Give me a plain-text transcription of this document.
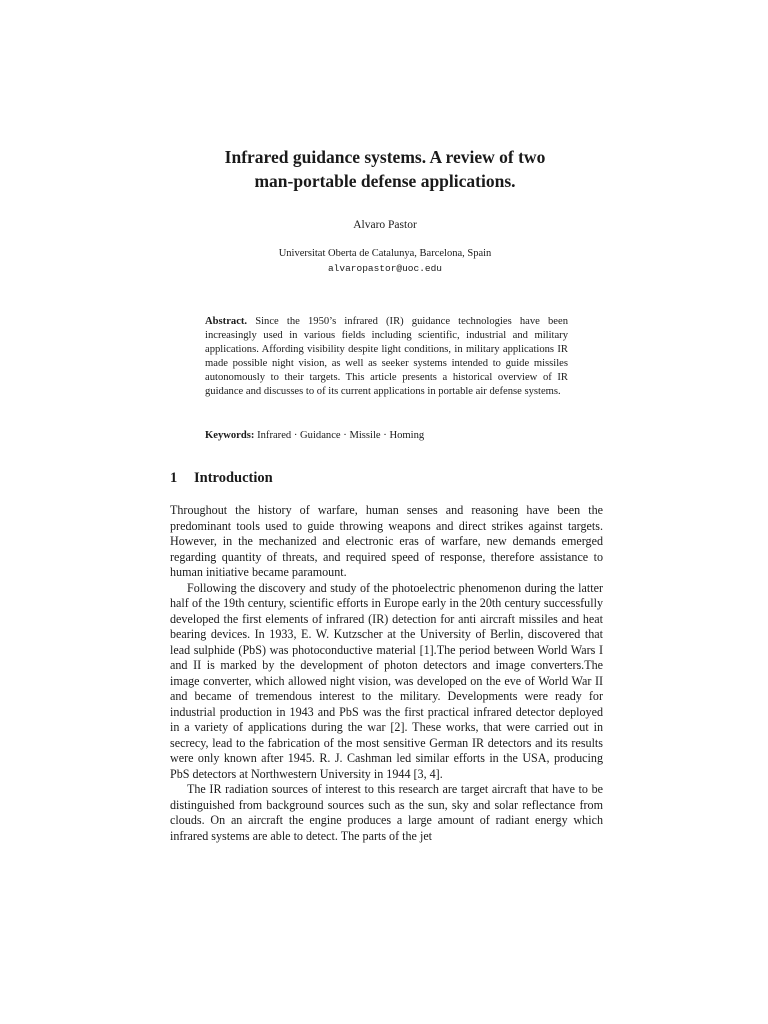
Infrared guidance systems. A review of two
man-portable defense applications.
Alvaro Pastor
Universitat Oberta de Catalunya, Barcelona, Spain
alvaropastor@uoc.edu
Abstract. Since the 1950’s infrared (IR) guidance technologies have been increasingly used in various fields including scientific, industrial and military applications. Affording visibility despite light conditions, in military applications IR made possible night vision, as well as seeker systems intended to guide missiles autonomously to their targets. This article presents a historical overview of IR guidance and discusses to of its current applications in portable air defense systems.
Keywords: Infrared · Guidance · Missile · Homing
1 Introduction

Throughout the history of warfare, human senses and reasoning have been the predominant tools used to guide throwing weapons and direct strikes against targets. However, in the mechanized and electronic eras of warfare, new demands emerged regarding quantity of threats, and required speed of response, therefore assistance to human initiative became paramount.

Following the discovery and study of the photoelectric phenomenon during the latter half of the 19th century, scientific efforts in Europe early in the 20th century successfully developed the first elements of infrared (IR) detection for anti aircraft missiles and heat bearing devices. In 1933, E. W. Kutzscher at the University of Berlin, discovered that lead sulphide (PbS) was photoconductive material [1].The period between World Wars I and II is marked by the development of photon detectors and image converters.The image converter, which allowed night vision, was developed on the eve of World War II and became of tremendous interest to the military. Developments were ready for industrial production in 1943 and PbS was the first practical infrared detector deployed in a variety of applications during the war [2]. These works, that were carried out in secrecy, lead to the fabrication of the most sensitive German IR detectors and its results were only known after 1945. R. J. Cashman led similar efforts in the USA, producing PbS detectors at Northwestern University in 1944 [3, 4].

The IR radiation sources of interest to this research are target aircraft that have to be distinguished from background sources such as the sun, sky and solar reflectance from clouds. On an aircraft the engine produces a large amount of radiant energy which infrared systems are able to detect. The parts of the jet
